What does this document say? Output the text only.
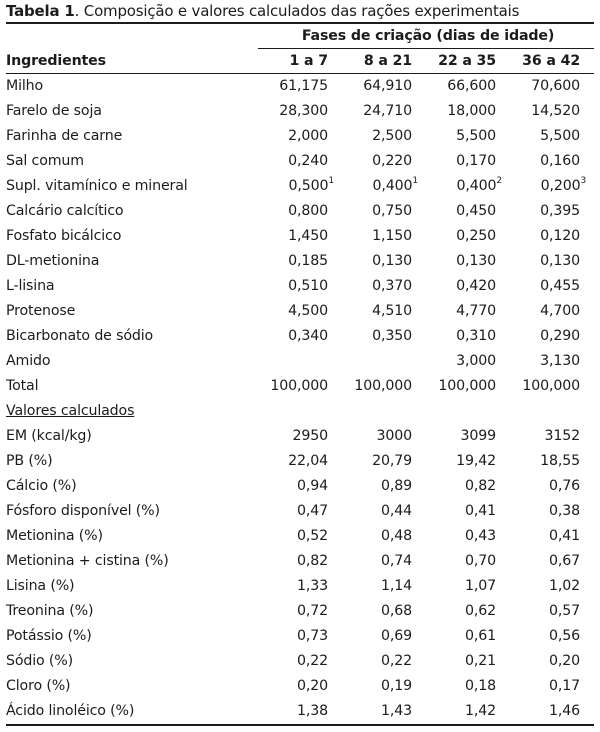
Tabela 1. Composição e valores calculados das rações experimentais
	Fases de criação (dias de idade)			
Ingredientes	1 a 7	8 a 21	22 a 35	36 a 42
Milho	61,175	64,910	66,600	70,600
Farelo de soja	28,300	24,710	18,000	14,520
Farinha de carne	2,000	2,500	5,500	5,500
Sal comum	0,240	0,220	0,170	0,160
Supl. vitamínico e mineral	0,500$^1$	0,400$^1$	0,400$^2$	0,200$^3$
Calcário calcítico	0,800	0,750	0,450	0,395
Fosfato bicálcico	1,450	1,150	0,250	0,120
DL-metionina	0,185	0,130	0,130	0,130
L-lisina	0,510	0,370	0,420	0,455
Protenose	4,500	4,510	4,770	4,700
Bicarbonato de sódio	0,340	0,350	0,310	0,290
Amido			3,000	3,130
Total	100,000	100,000	100,000	100,000
Valores calculados				
EM (kcal/kg)	2950	3000	3099	3152
PB (%)	22,04	20,79	19,42	18,55
Cálcio (%)	0,94	0,89	0,82	0,76
Fósforo disponível (%)	0,47	0,44	0,41	0,38
Metionina (%)	0,52	0,48	0,43	0,41
Metionina + cistina (%)	0,82	0,74	0,70	0,67
Lisina (%)	1,33	1,14	1,07	1,02
Treonina (%)	0,72	0,68	0,62	0,57
Potássio (%)	0,73	0,69	0,61	0,56
Sódio (%)	0,22	0,22	0,21	0,20
Cloro (%)	0,20	0,19	0,18	0,17
Ácido linoléico (%)	1,38	1,43	1,42	1,46
